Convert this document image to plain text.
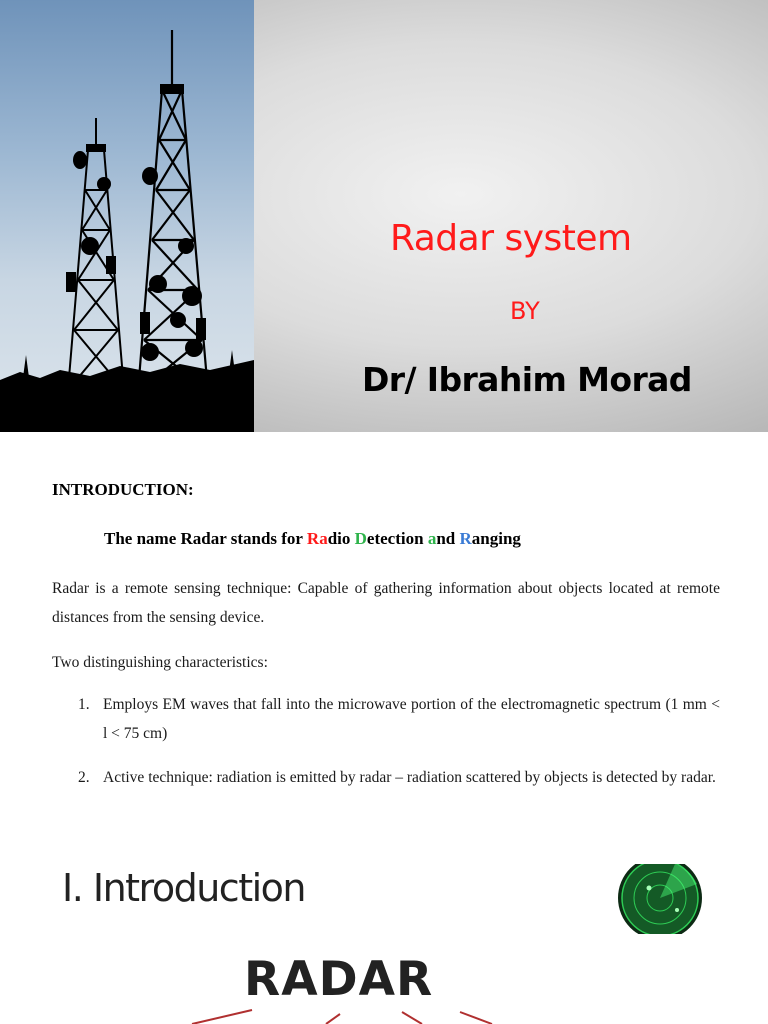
Radar system
BY
Dr/ Ibrahim Morad
INTRODUCTION:
The name Radar stands for Radio Detection and Ranging
Radar is a remote sensing technique: Capable of gathering information about objects located at remote distances from the sensing device.
Two distinguishing characteristics:
1. Employs EM waves that fall into the microwave portion of the electromagnetic spectrum (1 mm < l < 75 cm)
2. Active technique: radiation is emitted by radar – radiation scattered by objects is detected by radar.
I. Introduction
RADAR
